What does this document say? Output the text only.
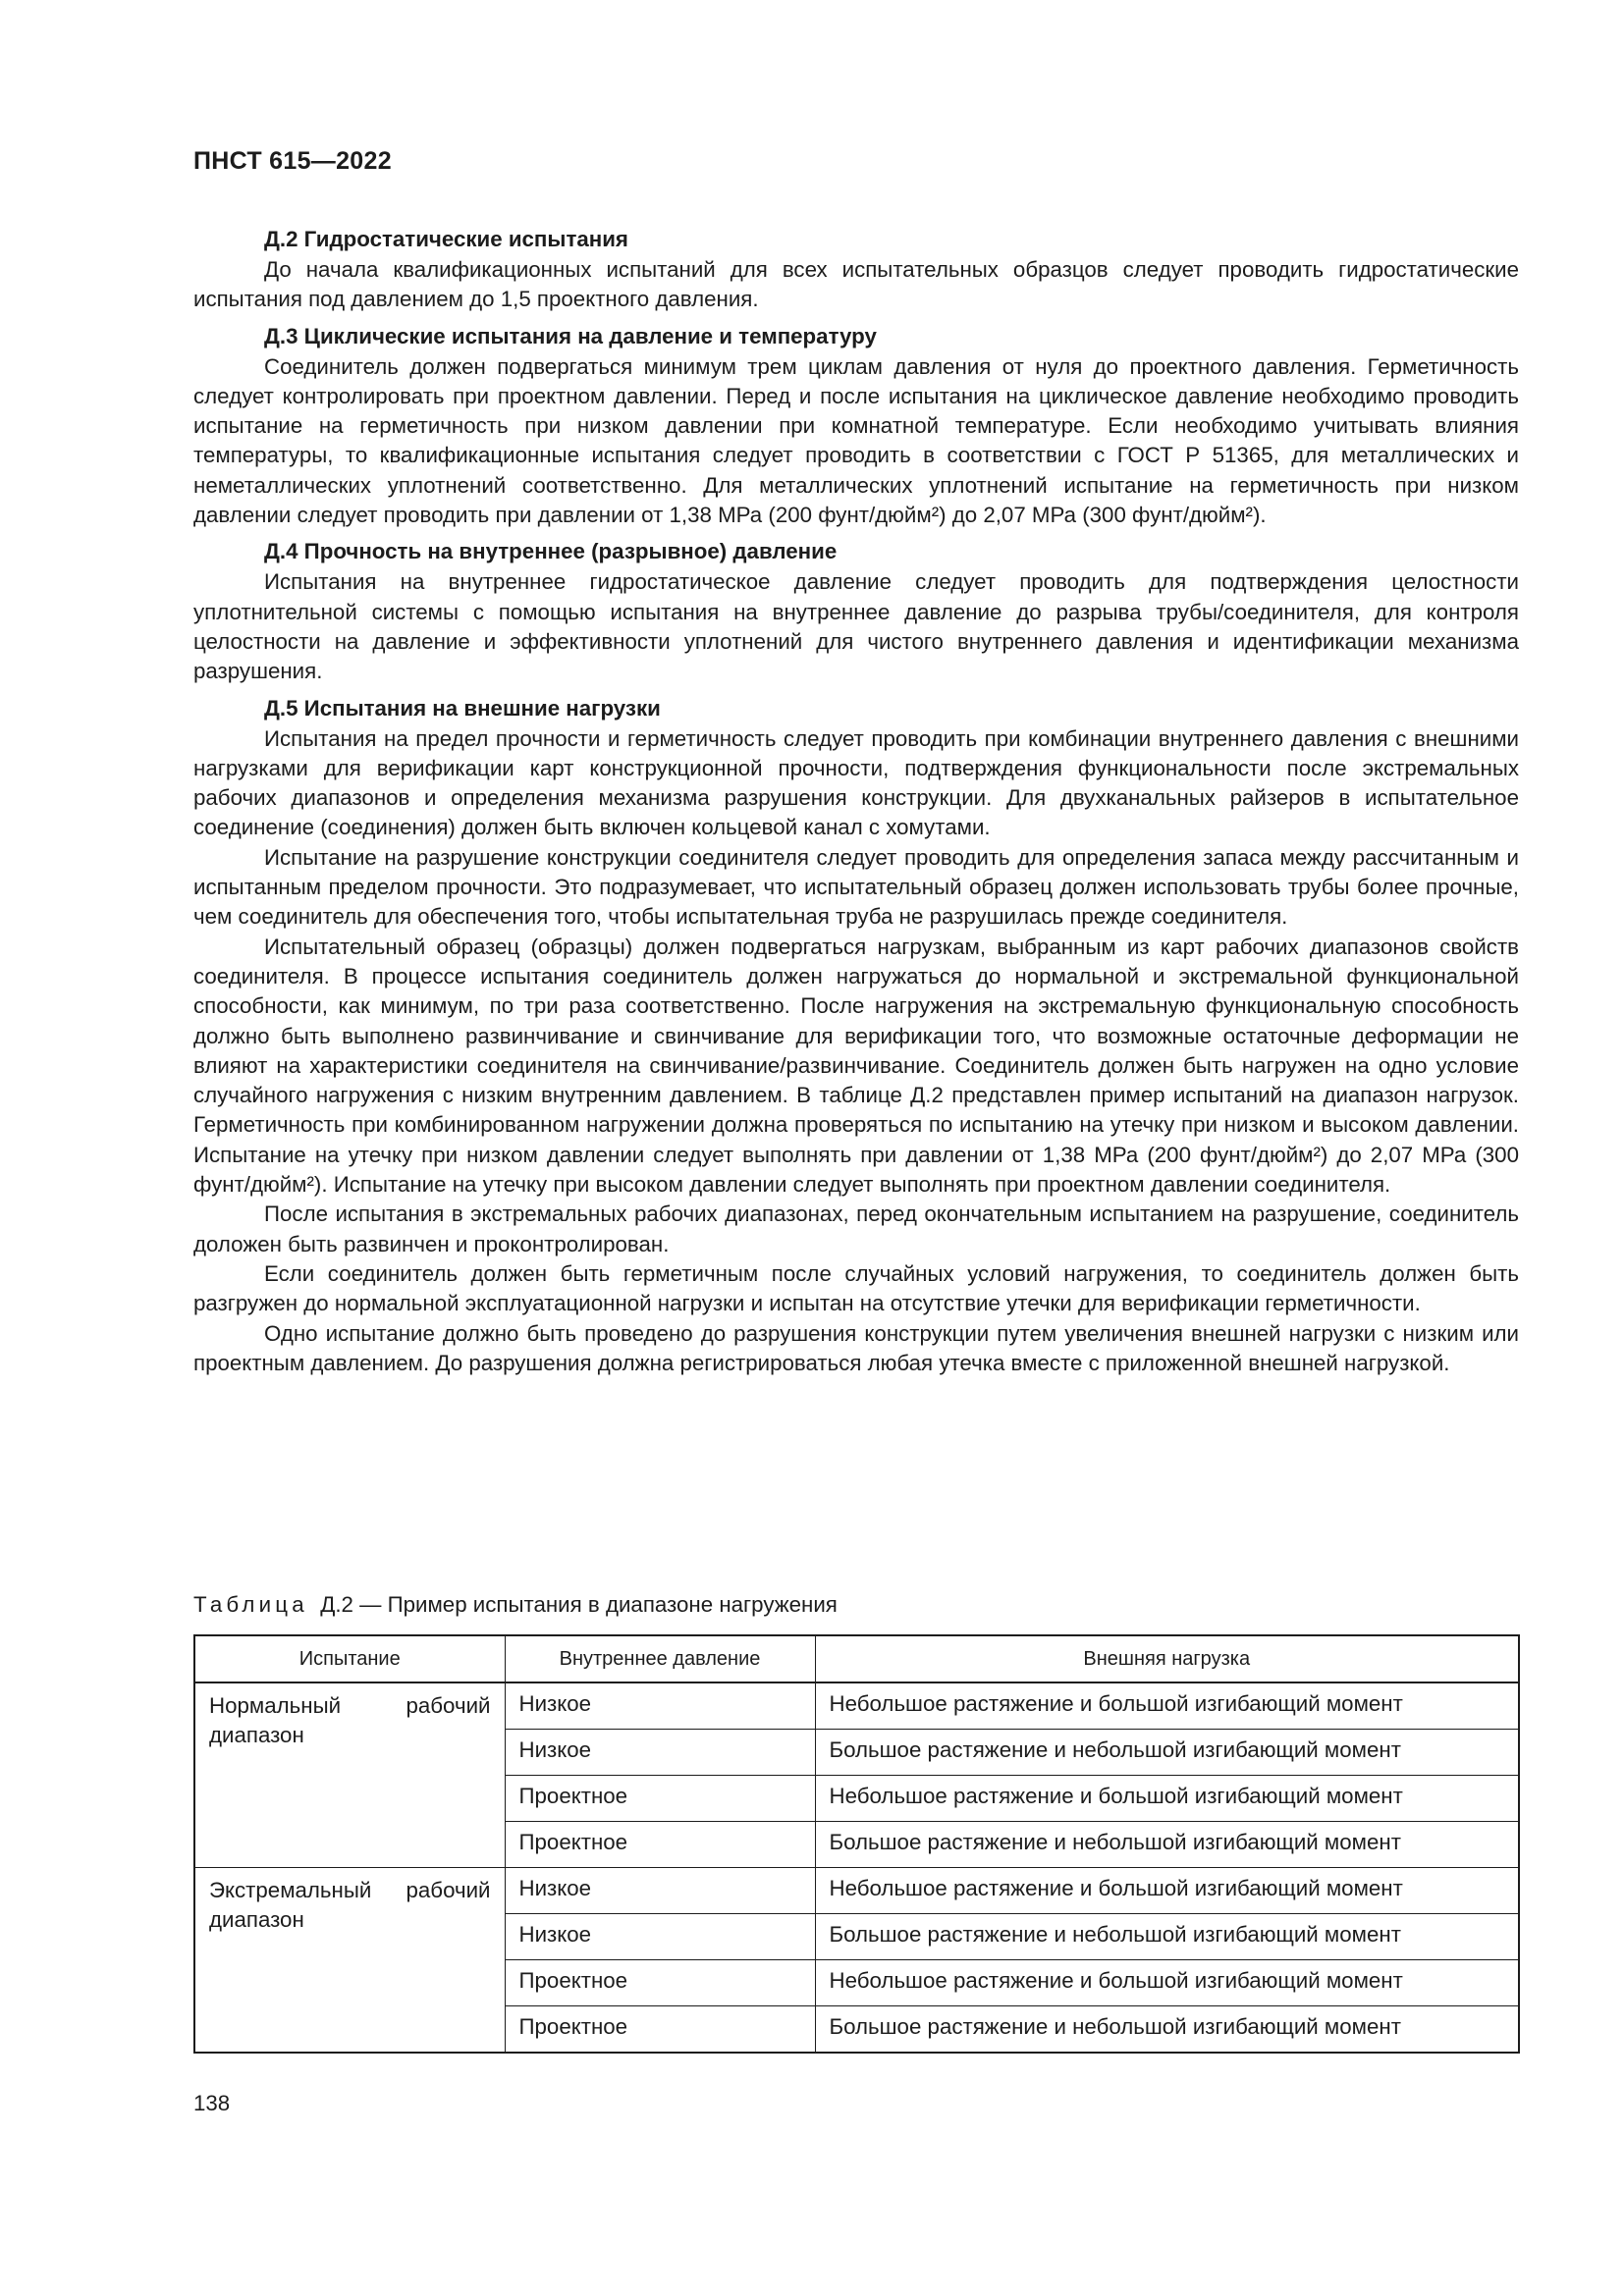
ПНСТ 615—2022
Д.2 Гидростатические испытания

До начала квалификационных испытаний для всех испытательных образцов следует проводить гидростатические испытания под давлением до 1,5 проектного давления.

Д.3 Циклические испытания на давление и температуру

Соединитель должен подвергаться минимум трем циклам давления от нуля до проектного давления. Герметичность следует контролировать при проектном давлении. Перед и после испытания на циклическое давление необходимо проводить испытание на герметичность при низком давлении при комнатной температуре. Если необходимо учитывать влияния температуры, то квалификационные испытания следует проводить в соответствии с ГОСТ Р 51365, для металлических и неметаллических уплотнений соответственно. Для металлических уплотнений испытание на герметичность при низком давлении следует проводить при давлении от 1,38 МРа (200 фунт/дюйм²) до 2,07 МРа (300 фунт/дюйм²).

Д.4 Прочность на внутреннее (разрывное) давление

Испытания на внутреннее гидростатическое давление следует проводить для подтверждения целостности уплотнительной системы с помощью испытания на внутреннее давление до разрыва трубы/соединителя, для контроля целостности на давление и эффективности уплотнений для чистого внутреннего давления и идентификации механизма разрушения.

Д.5 Испытания на внешние нагрузки

Испытания на предел прочности и герметичность следует проводить при комбинации внутреннего давления с внешними нагрузками для верификации карт конструкционной прочности, подтверждения функциональности после экстремальных рабочих диапазонов и определения механизма разрушения конструкции. Для двухканальных райзеров в испытательное соединение (соединения) должен быть включен кольцевой канал с хомутами.

Испытание на разрушение конструкции соединителя следует проводить для определения запаса между рассчитанным и испытанным пределом прочности. Это подразумевает, что испытательный образец должен использовать трубы более прочные, чем соединитель для обеспечения того, чтобы испытательная труба не разрушилась прежде соединителя.

Испытательный образец (образцы) должен подвергаться нагрузкам, выбранным из карт рабочих диапазонов свойств соединителя. В процессе испытания соединитель должен нагружаться до нормальной и экстремальной функциональной способности, как минимум, по три раза соответственно. После нагружения на экстремальную функциональную способность должно быть выполнено развинчивание и свинчивание для верификации того, что возможные остаточные деформации не влияют на характеристики соединителя на свинчивание/развинчивание. Соединитель должен быть нагружен на одно условие случайного нагружения с низким внутренним давлением. В таблице Д.2 представлен пример испытаний на диапазон нагрузок. Герметичность при комбинированном нагружении должна проверяться по испытанию на утечку при низком и высоком давлении. Испытание на утечку при низком давлении следует выполнять при давлении от 1,38 МРа (200 фунт/дюйм²) до 2,07 МРа (300 фунт/дюйм²). Испытание на утечку при высоком давлении следует выполнять при проектном давлении соединителя.

После испытания в экстремальных рабочих диапазонах, перед окончательным испытанием на разрушение, соединитель доложен быть развинчен и проконтролирован.

Если соединитель должен быть герметичным после случайных условий нагружения, то соединитель должен быть разгружен до нормальной эксплуатационной нагрузки и испытан на отсутствие утечки для верификации герметичности.

Одно испытание должно быть проведено до разрушения конструкции путем увеличения внешней нагрузки с низким или проектным давлением. До разрушения должна регистрироваться любая утечка вместе с приложенной внешней нагрузкой.

Таблица Д.2 — Пример испытания в диапазоне нагружения

Испытание	Внутреннее давление	Внешняя нагрузка
Нормальный рабочий диапазон	Низкое	Небольшое растяжение и большой изгибающий момент
	Низкое	Большое растяжение и небольшой изгибающий момент
	Проектное	Небольшое растяжение и большой изгибающий момент
	Проектное	Большое растяжение и небольшой изгибающий момент
Экстремальный рабочий диапазон	Низкое	Небольшое растяжение и большой изгибающий момент
	Низкое	Большое растяжение и небольшой изгибающий момент
	Проектное	Небольшое растяжение и большой изгибающий момент
	Проектное	Большое растяжение и небольшой изгибающий момент
138
